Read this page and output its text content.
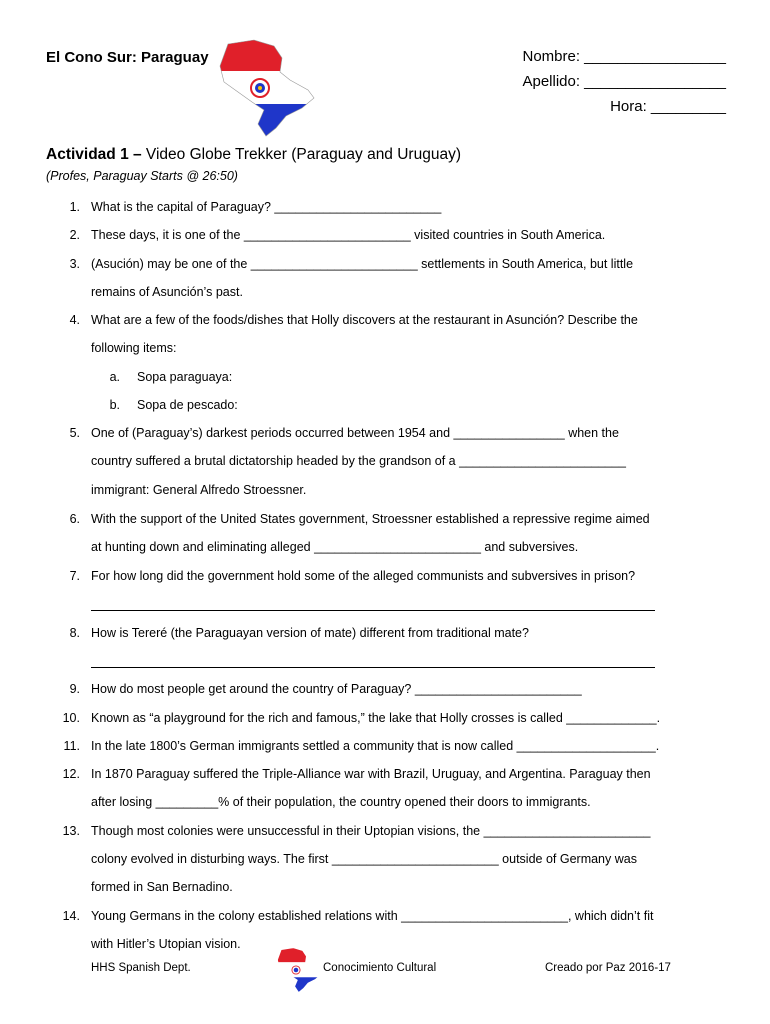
El Cono Sur: Paraguay	Nombre: _________________
Apellido: _________________
Hora: _________
Actividad 1 – Video Globe Trekker (Paraguay and Uruguay)
(Profes, Paraguay Starts @ 26:50)
1. What is the capital of Paraguay? ________________________
2. These days, it is one of the ________________________ visited countries in South America.
3. (Asución) may be one of the ________________________ settlements in South America, but little
remains of Asunción’s past.
4. What are a few of the foods/dishes that Holly discovers at the restaurant in Asunción? Describe the
following items:
a. Sopa paraguaya:
b. Sopa de pescado:
5. One of (Paraguay’s) darkest periods occurred between 1954 and ________________ when the
country suffered a brutal dictatorship headed by the grandson of a ________________________
immigrant: General Alfredo Stroessner.
6. With the support of the United States government, Stroessner established a repressive regime aimed
at hunting down and eliminating alleged ________________________ and subversives.
7. For how long did the government hold some of the alleged communists and subversives in prison?
8. How is Tereré (the Paraguayan version of mate) different from traditional mate?
9. How do most people get around the country of Paraguay? ________________________
10. Known as “a playground for the rich and famous,” the lake that Holly crosses is called _____________.
11. In the late 1800’s German immigrants settled a community that is now called ____________________.
12. In 1870 Paraguay suffered the Triple-Alliance war with Brazil, Uruguay, and Argentina. Paraguay then
after losing _________% of their population, the country opened their doors to immigrants.
13. Though most colonies were unsuccessful in their Uptopian visions, the ________________________
colony evolved in disturbing ways. The first ________________________ outside of Germany was
formed in San Bernadino.
14. Young Germans in the colony established relations with ________________________, which didn’t fit
with Hitler’s Utopian vision.
HHS Spanish Dept.	Conocimiento Cultural	Creado por Paz 2016-17
